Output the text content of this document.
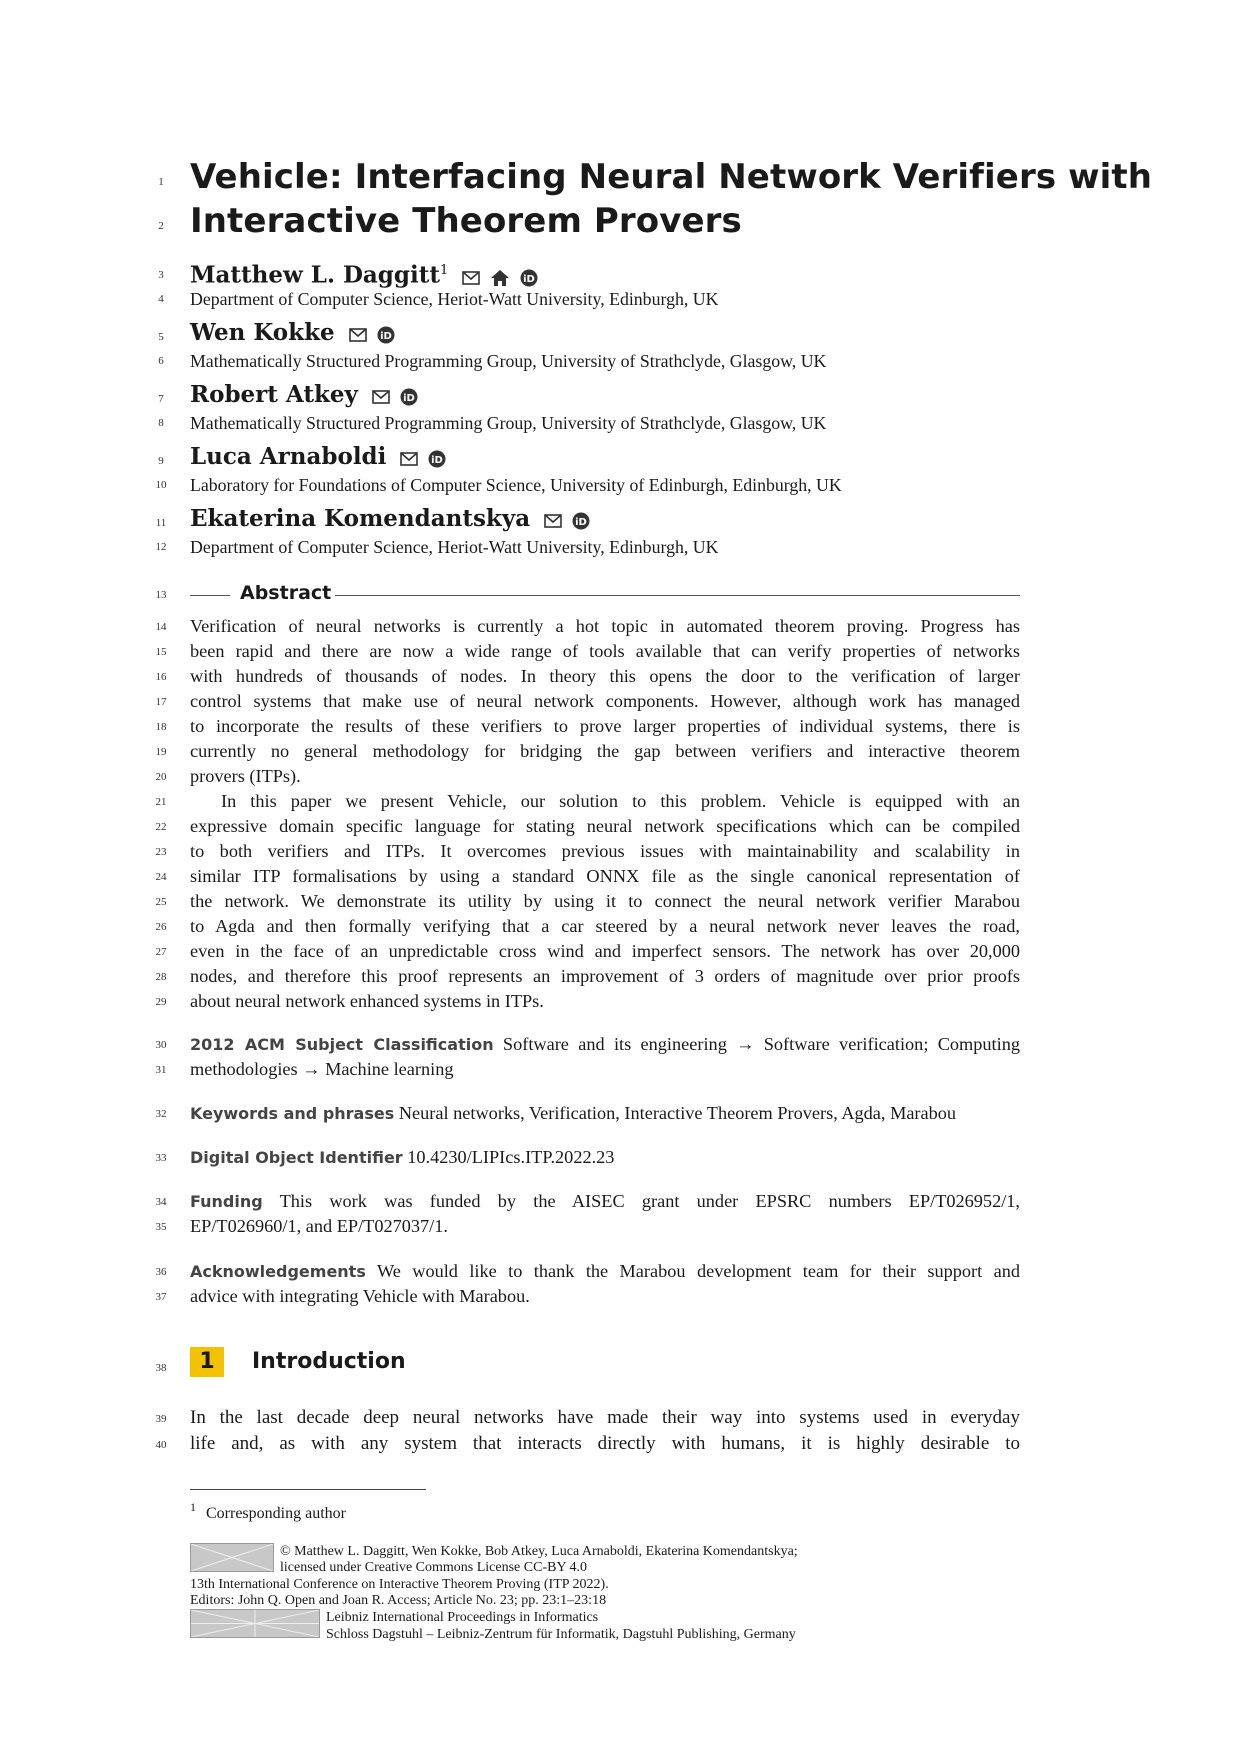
1
2
3
4
5
6
7
8
9
10
11
12
13
14
15
16
17
18
19
20
21
22
23
24
25
26
27
28
29
30
31
32
33
34
35
36
37
38
39
40
Vehicle: Interfacing Neural Network Verifiers with
Interactive Theorem Provers
Matthew L. Daggitt$^1$
iD
Department of Computer Science, Heriot-Watt University, Edinburgh, UK
Wen Kokke	iD
Mathematically Structured Programming Group, University of Strathclyde, Glasgow, UK
Robert Atkey	iD
Mathematically Structured Programming Group, University of Strathclyde, Glasgow, UK
Luca Arnaboldi	iD
Laboratory for Foundations of Computer Science, University of Edinburgh, Edinburgh, UK
Ekaterina Komendantskya	iD
Department of Computer Science, Heriot-Watt University, Edinburgh, UK
Abstract
Verification of neural networks is currently a hot topic in automated theorem proving. Progress has
been rapid and there are now a wide range of tools available that can verify properties of networks
with hundreds of thousands of nodes. In theory this opens the door to the verification of larger
control systems that make use of neural network components. However, although work has managed
to incorporate the results of these verifiers to prove larger properties of individual systems, there is
currently no general methodology for bridging the gap between verifiers and interactive theorem
provers (ITPs).
In this paper we present Vehicle, our solution to this problem. Vehicle is equipped with an
expressive domain specific language for stating neural network specifications which can be compiled
to both verifiers and ITPs. It overcomes previous issues with maintainability and scalability in
similar ITP formalisations by using a standard ONNX file as the single canonical representation of
the network. We demonstrate its utility by using it to connect the neural network verifier Marabou
to Agda and then formally verifying that a car steered by a neural network never leaves the road,
even in the face of an unpredictable cross wind and imperfect sensors. The network has over 20,000
nodes, and therefore this proof represents an improvement of 3 orders of magnitude over prior proofs
about neural network enhanced systems in ITPs.
2012 ACM Subject Classification Software and its engineering → Software verification; Computing
methodologies → Machine learning
Keywords and phrases Neural networks, Verification, Interactive Theorem Provers, Agda, Marabou
Digital Object Identifier 10.4230/LIPIcs.ITP.2022.23
Funding This work was funded by the AISEC grant under EPSRC numbers EP/T026952/1,
EP/T026960/1, and EP/T027037/1.
Acknowledgements We would like to thank the Marabou development team for their support and
advice with integrating Vehicle with Marabou.
1	Introduction
In the last decade deep neural networks have made their way into systems used in everyday
life and, as with any system that interacts directly with humans, it is highly desirable to
1 Corresponding author
© Matthew L. Daggitt, Wen Kokke, Bob Atkey, Luca Arnaboldi, Ekaterina Komendantskya;
licensed under Creative Commons License CC-BY 4.0
13th International Conference on Interactive Theorem Proving (ITP 2022).
Editors: John Q. Open and Joan R. Access; Article No. 23; pp. 23:1–23:18
Leibniz International Proceedings in Informatics
Schloss Dagstuhl – Leibniz-Zentrum für Informatik, Dagstuhl Publishing, Germany
